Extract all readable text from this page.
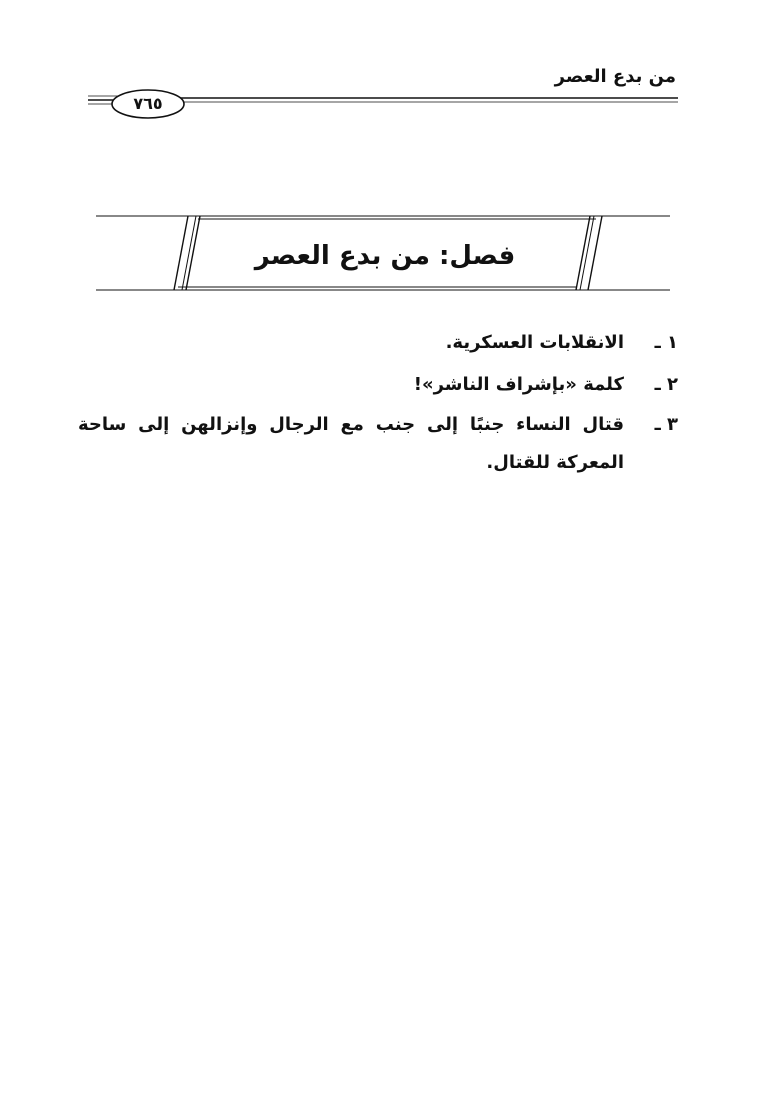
من بدع العصر
٧٦٥
فصل: من بدع العصر
١ ـ
الانقلابات العسكرية.
٢ ـ
كلمة «بإشراف الناشر»!
٣ ـ
قتال النساء جنبًا إلى جنب مع الرجال وإنزالهن إلى ساحة المعركة للقتال.
